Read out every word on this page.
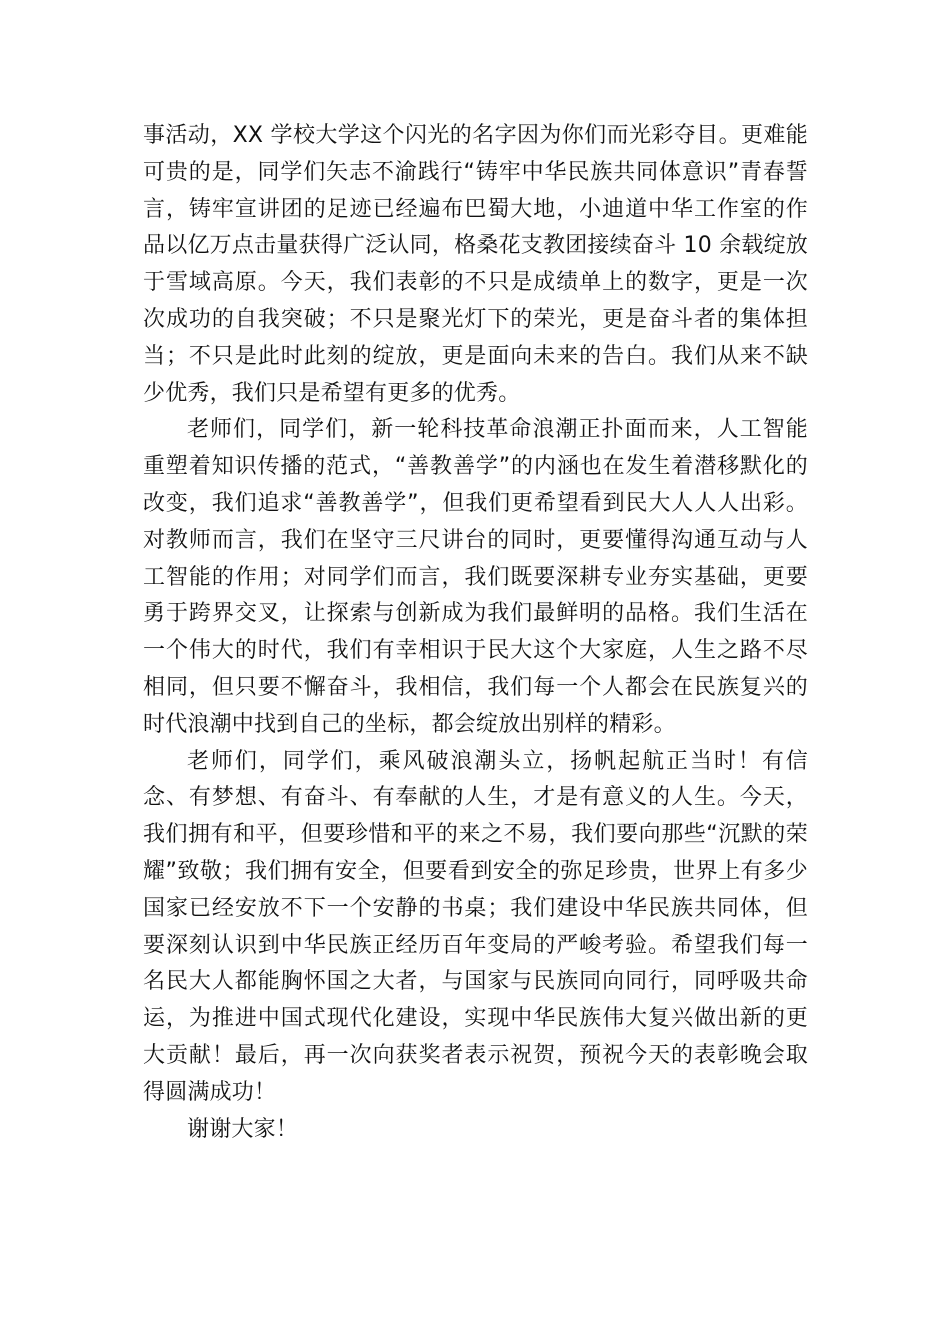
事活动，XX 学校大学这个闪光的名字因为你们而光彩夺目。更难能可贵的是，同学们矢志不渝践行“铸牢中华民族共同体意识”青春誓言，铸牢宣讲团的足迹已经遍布巴蜀大地，小迪道中华工作室的作品以亿万点击量获得广泛认同，格桑花支教团接续奋斗 10 余载绽放于雪域高原。今天，我们表彰的不只是成绩单上的数字，更是一次次成功的自我突破；不只是聚光灯下的荣光，更是奋斗者的集体担当；不只是此时此刻的绽放，更是面向未来的告白。我们从来不缺少优秀，我们只是希望有更多的优秀。

老师们，同学们，新一轮科技革命浪潮正扑面而来，人工智能重塑着知识传播的范式，“善教善学”的内涵也在发生着潜移默化的改变，我们追求“善教善学”，但我们更希望看到民大人人人出彩。对教师而言，我们在坚守三尺讲台的同时，更要懂得沟通互动与人工智能的作用；对同学们而言，我们既要深耕专业夯实基础，更要勇于跨界交叉，让探索与创新成为我们最鲜明的品格。我们生活在一个伟大的时代，我们有幸相识于民大这个大家庭，人生之路不尽相同，但只要不懈奋斗，我相信，我们每一个人都会在民族复兴的时代浪潮中找到自己的坐标，都会绽放出别样的精彩。

老师们，同学们，乘风破浪潮头立，扬帆起航正当时！有信念、有梦想、有奋斗、有奉献的人生，才是有意义的人生。今天，我们拥有和平，但要珍惜和平的来之不易，我们要向那些“沉默的荣耀”致敬；我们拥有安全，但要看到安全的弥足珍贵，世界上有多少国家已经安放不下一个安静的书桌；我们建设中华民族共同体，但要深刻认识到中华民族正经历百年变局的严峻考验。希望我们每一名民大人都能胸怀国之大者，与国家与民族同向同行，同呼吸共命运，为推进中国式现代化建设，实现中华民族伟大复兴做出新的更大贡献！最后，再一次向获奖者表示祝贺，预祝今天的表彰晚会取得圆满成功！

谢谢大家！
